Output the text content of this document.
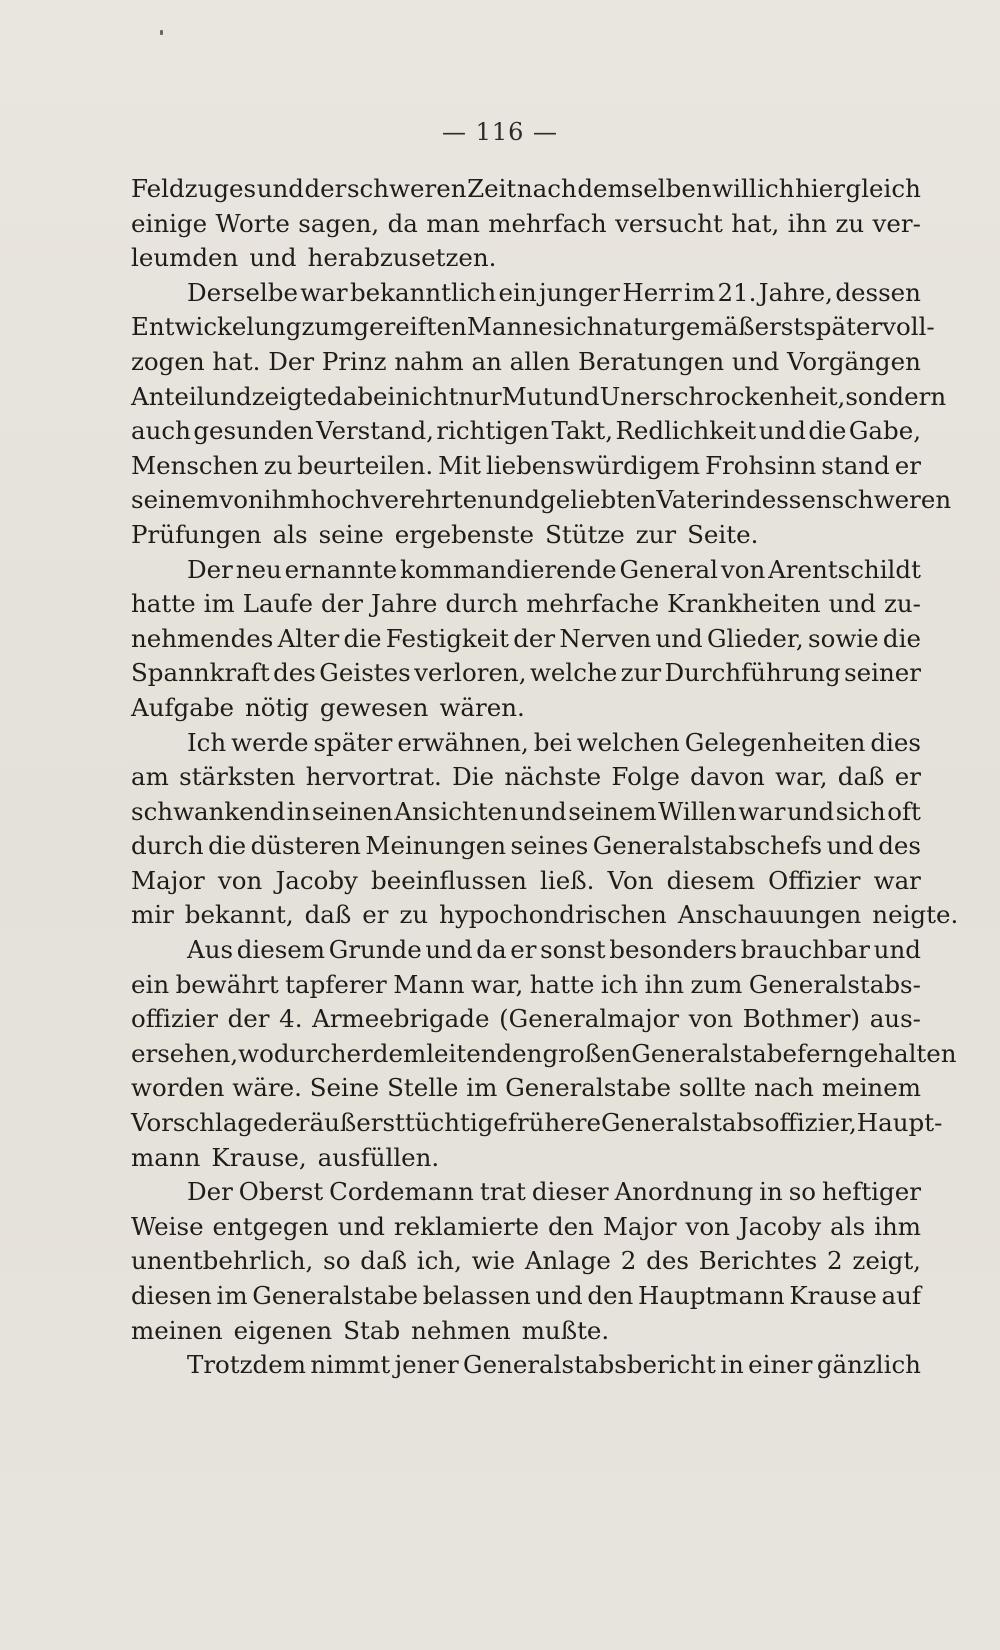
— 116 —
Feldzuges und der schweren Zeit nach demselben will ich hier gleich
einige Worte sagen, da man mehrfach versucht hat, ihn zu ver-
leumden und herabzusetzen.
Derselbe war bekanntlich ein junger Herr im 21. Jahre, dessen
Entwickelung zum gereiften Manne sich naturgemäß erst später voll-
zogen hat. Der Prinz nahm an allen Beratungen und Vorgängen
Anteil und zeigte dabei nicht nur Mut und Unerschrockenheit, sondern
auch gesunden Verstand, richtigen Takt, Redlichkeit und die Gabe,
Menschen zu beurteilen. Mit liebenswürdigem Frohsinn stand er
seinem von ihm hochverehrten und geliebten Vater in dessen schweren
Prüfungen als seine ergebenste Stütze zur Seite.
Der neu ernannte kommandierende General von Arentschildt
hatte im Laufe der Jahre durch mehrfache Krankheiten und zu-
nehmendes Alter die Festigkeit der Nerven und Glieder, sowie die
Spannkraft des Geistes verloren, welche zur Durchführung seiner
Aufgabe nötig gewesen wären.
Ich werde später erwähnen, bei welchen Gelegenheiten dies
am stärksten hervortrat. Die nächste Folge davon war, daß er
schwankend in seinen Ansichten und seinem Willen war und sich oft
durch die düsteren Meinungen seines Generalstabschefs und des
Major von Jacoby beeinflussen ließ. Von diesem Offizier war
mir bekannt, daß er zu hypochondrischen Anschauungen neigte.
Aus diesem Grunde und da er sonst besonders brauchbar und
ein bewährt tapferer Mann war, hatte ich ihn zum Generalstabs-
offizier der 4. Armeebrigade (Generalmajor von Bothmer) aus-
ersehen, wodurch er dem leitenden großen Generalstabe fern gehalten
worden wäre. Seine Stelle im Generalstabe sollte nach meinem
Vorschlage der äußerst tüchtige frühere Generalstabsoffizier, Haupt-
mann Krause, ausfüllen.
Der Oberst Cordemann trat dieser Anordnung in so heftiger
Weise entgegen und reklamierte den Major von Jacoby als ihm
unentbehrlich, so daß ich, wie Anlage 2 des Berichtes 2 zeigt,
diesen im Generalstabe belassen und den Hauptmann Krause auf
meinen eigenen Stab nehmen mußte.
Trotzdem nimmt jener Generalstabsbericht in einer gänzlich
